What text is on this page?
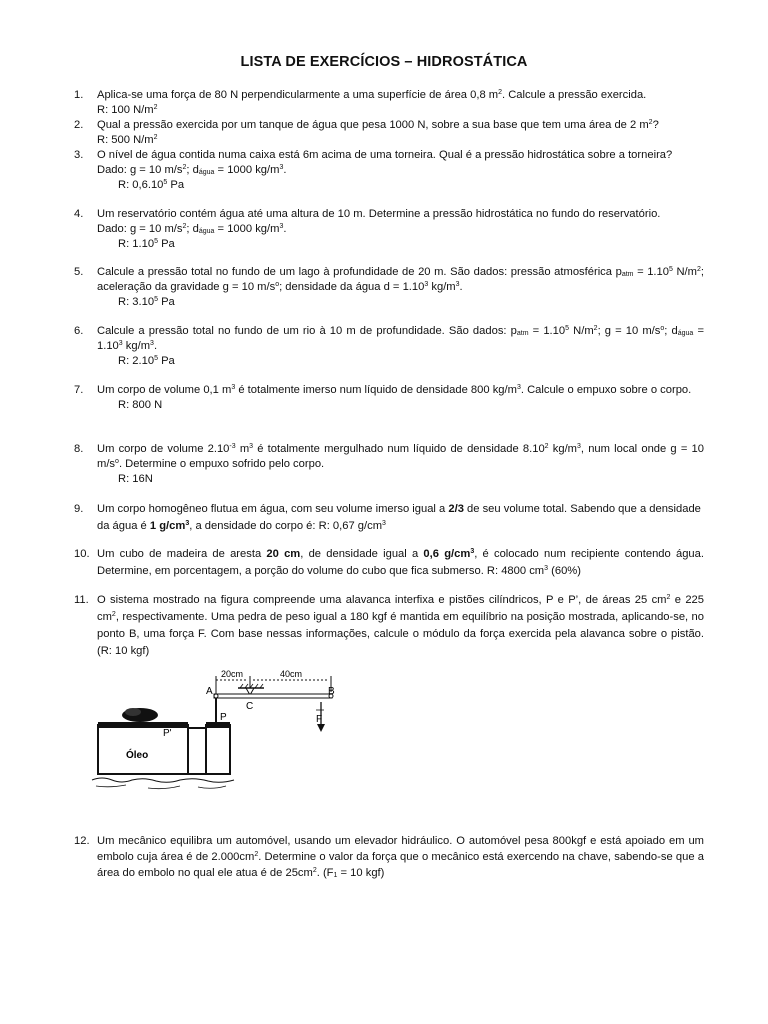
LISTA DE EXERCÍCIOS – HIDROSTÁTICA
1.	Aplica-se uma força de 80 N perpendicularmente a uma superfície de área 0,8 $m^2$. Calcule a pressão exercida.
R: 100 $N/m^2$
2.	Qual a pressão exercida por um tanque de água que pesa 1000 N, sobre a sua base que tem uma área de 2 $m^2$?
R: 500 $N/m^2$
3.	O nível de água contida numa caixa está 6m acima de uma torneira. Qual é a pressão hidrostática sobre a torneira?
Dado: g = 10 $m/s^2$; $d_{água} = 1000$ $kg/m^3$.
R: 0,6.10$^5$ Pa
4.	Um reservatório contém água até uma altura de 10 m. Determine a pressão hidrostática no fundo do reservatório.
Dado: g = 10 $m/s^2$; $d_{água} = 1000$ $kg/m^3$.
R: 1.10$^5$ Pa
5.	Calcule a pressão total no fundo de um lago à profundidade de 20 m. São dados: pressão atmosférica $p_{atm} = 1.10^5$ $N/m^2$; aceleração da gravidade g = 10 $m/s^o$; densidade da água $d = 1.10^3$ $kg/m^3$.
R: 3.10$^5$ Pa
6.	Calcule a pressão total no fundo de um rio à 10 m de profundidade. São dados: $p_{atm} = 1.10^5$ $N/m^2$; g = 10 $m/s^o$; $d_{água} = 1.10^3$ $kg/m^3$.
R: 2.10$^5$ Pa
7.	Um corpo de volume 0,1 $m^3$ é totalmente imerso num líquido de densidade 800 $kg/m^3$. Calcule o empuxo sobre o corpo.
R: 800 N
8.	Um corpo de volume $2.10^{-3}$ $m^3$ é totalmente mergulhado num líquido de densidade 8.10$^2$ $kg/m^3$, num local onde g = 10 $m/s^o$. Determine o empuxo sofrido pelo corpo.
R: 16N
9.	Um corpo homogêneo flutua em água, com seu volume imerso igual a 2/3 de seu volume total. Sabendo que a densidade da água é 1 $g/cm^3$, a densidade do corpo é: R: 0,67 $g/cm^3$
10. Um cubo de madeira de aresta 20 cm, de densidade igual a 0,6 $g/cm^3$, é colocado num recipiente contendo água. Determine, em porcentagem, a porção do volume do cubo que fica submerso. R: 4800 $cm^3$ (60%)
11. O sistema mostrado na figura compreende uma alavanca interfixa e pistões cilíndricos, P e P’, de áreas 25 $cm^2$ e 225 $cm^2$, respectivamente. Uma pedra de peso igual a 180 kgf é mantida em equilíbrio na posição mostrada, aplicando-se, no ponto B, uma força F. Com base nessas informações, calcule o módulo da força exercida pela alavanca sobre o pistão. (R: 10 kgf)
20cm	40cm
A	B
C
F
P'
P
Óleo
12. Um mecânico equilibra um automóvel, usando um elevador hidráulico. O automóvel pesa 800kgf e está apoiado em um embolo cuja área é de $2.000cm^2$. Determine o valor da força que o mecânico está exercendo na chave, sabendo-se que a área do embolo no qual ele atua é de $25cm^2$. ($F_1 = 10$ kgf)
